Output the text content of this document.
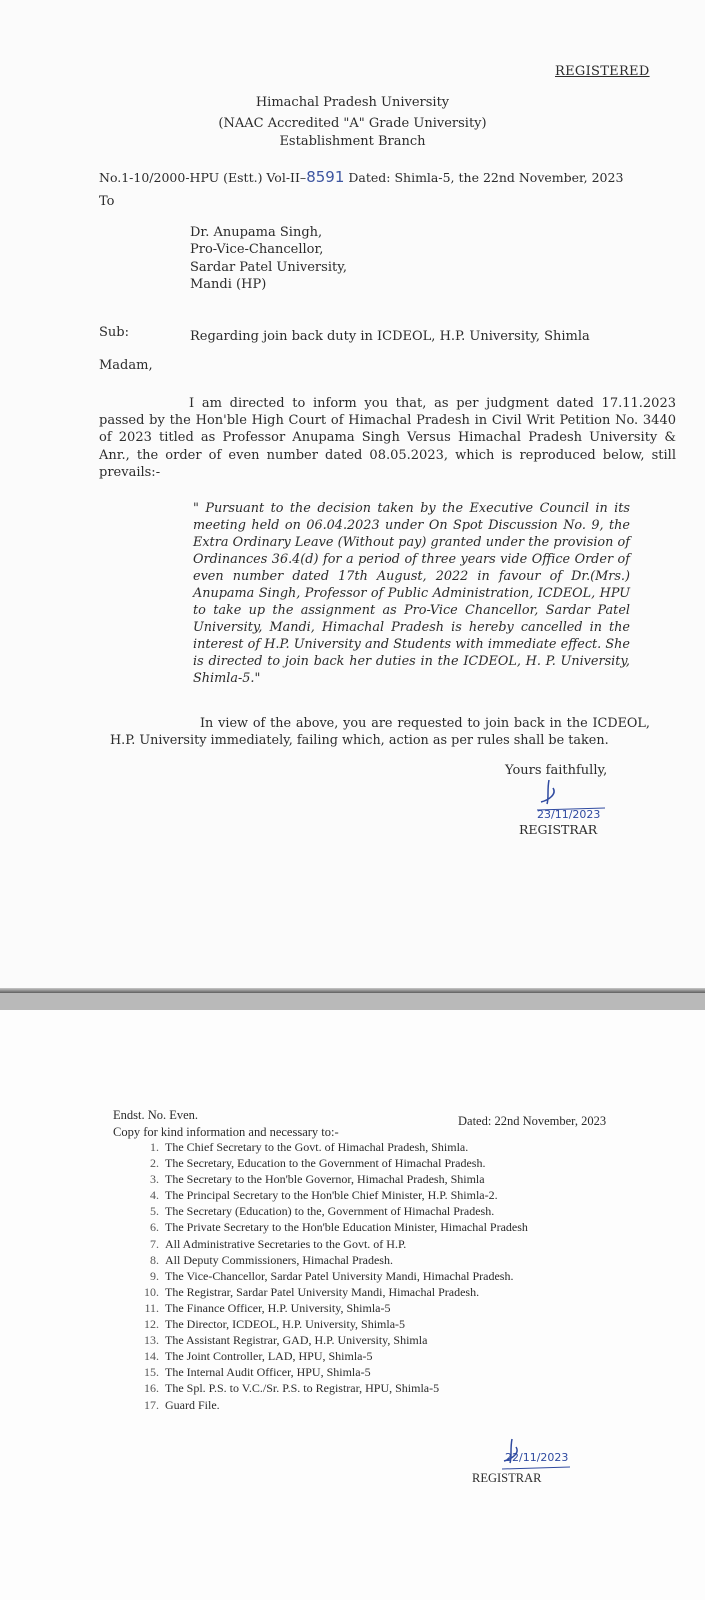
REGISTERED
Himachal Pradesh University
(NAAC Accredited "A" Grade University)
Establishment Branch
No.1-10/2000-HPU (Estt.) Vol-II–8591 Dated: Shimla-5, the 22nd November, 2023
To
Dr. Anupama Singh,
Pro-Vice-Chancellor,
Sardar Patel University,
Mandi (HP)
Sub:	Regarding join back duty in ICDEOL, H.P. University, Shimla
Madam,
I am directed to inform you that, as per judgment dated 17.11.2023 passed by the Hon'ble High Court of Himachal Pradesh in Civil Writ Petition No. 3440 of 2023 titled as Professor Anupama Singh Versus Himachal Pradesh University & Anr., the order of even number dated 08.05.2023, which is reproduced below, still prevails:-
" Pursuant to the decision taken by the Executive Council in its meeting held on 06.04.2023 under On Spot Discussion No. 9, the Extra Ordinary Leave (Without pay) granted under the provision of Ordinances 36.4(d) for a period of three years vide Office Order of even number dated 17th August, 2022 in favour of Dr.(Mrs.) Anupama Singh, Professor of Public Administration, ICDEOL, HPU to take up the assignment as Pro-Vice Chancellor, Sardar Patel University, Mandi, Himachal Pradesh is hereby cancelled in the interest of H.P. University and Students with immediate effect. She is directed to join back her duties in the ICDEOL, H. P. University, Shimla-5."
In view of the above, you are requested to join back in the ICDEOL, H.P. University immediately, failing which, action as per rules shall be taken.
Yours faithfully,
23/11/2023
REGISTRAR
Endst. No. Even.	Dated: 22nd November, 2023
Copy for kind information and necessary to:-
1. The Chief Secretary to the Govt. of Himachal Pradesh, Shimla.
2. The Secretary, Education to the Government of Himachal Pradesh.
3. The Secretary to the Hon'ble Governor, Himachal Pradesh, Shimla
4. The Principal Secretary to the Hon'ble Chief Minister, H.P. Shimla-2.
5. The Secretary (Education) to the, Government of Himachal Pradesh.
6. The Private Secretary to the Hon'ble Education Minister, Himachal Pradesh
7. All Administrative Secretaries to the Govt. of H.P.
8. All Deputy Commissioners, Himachal Pradesh.
9. The Vice-Chancellor, Sardar Patel University Mandi, Himachal Pradesh.
10. The Registrar, Sardar Patel University Mandi, Himachal Pradesh.
11. The Finance Officer, H.P. University, Shimla-5
12. The Director, ICDEOL, H.P. University, Shimla-5
13. The Assistant Registrar, GAD, H.P. University, Shimla
14. The Joint Controller, LAD, HPU, Shimla-5
15. The Internal Audit Officer, HPU, Shimla-5
16. The Spl. P.S. to V.C./Sr. P.S. to Registrar, HPU, Shimla-5
17. Guard File.
22/11/2023
REGISTRAR
